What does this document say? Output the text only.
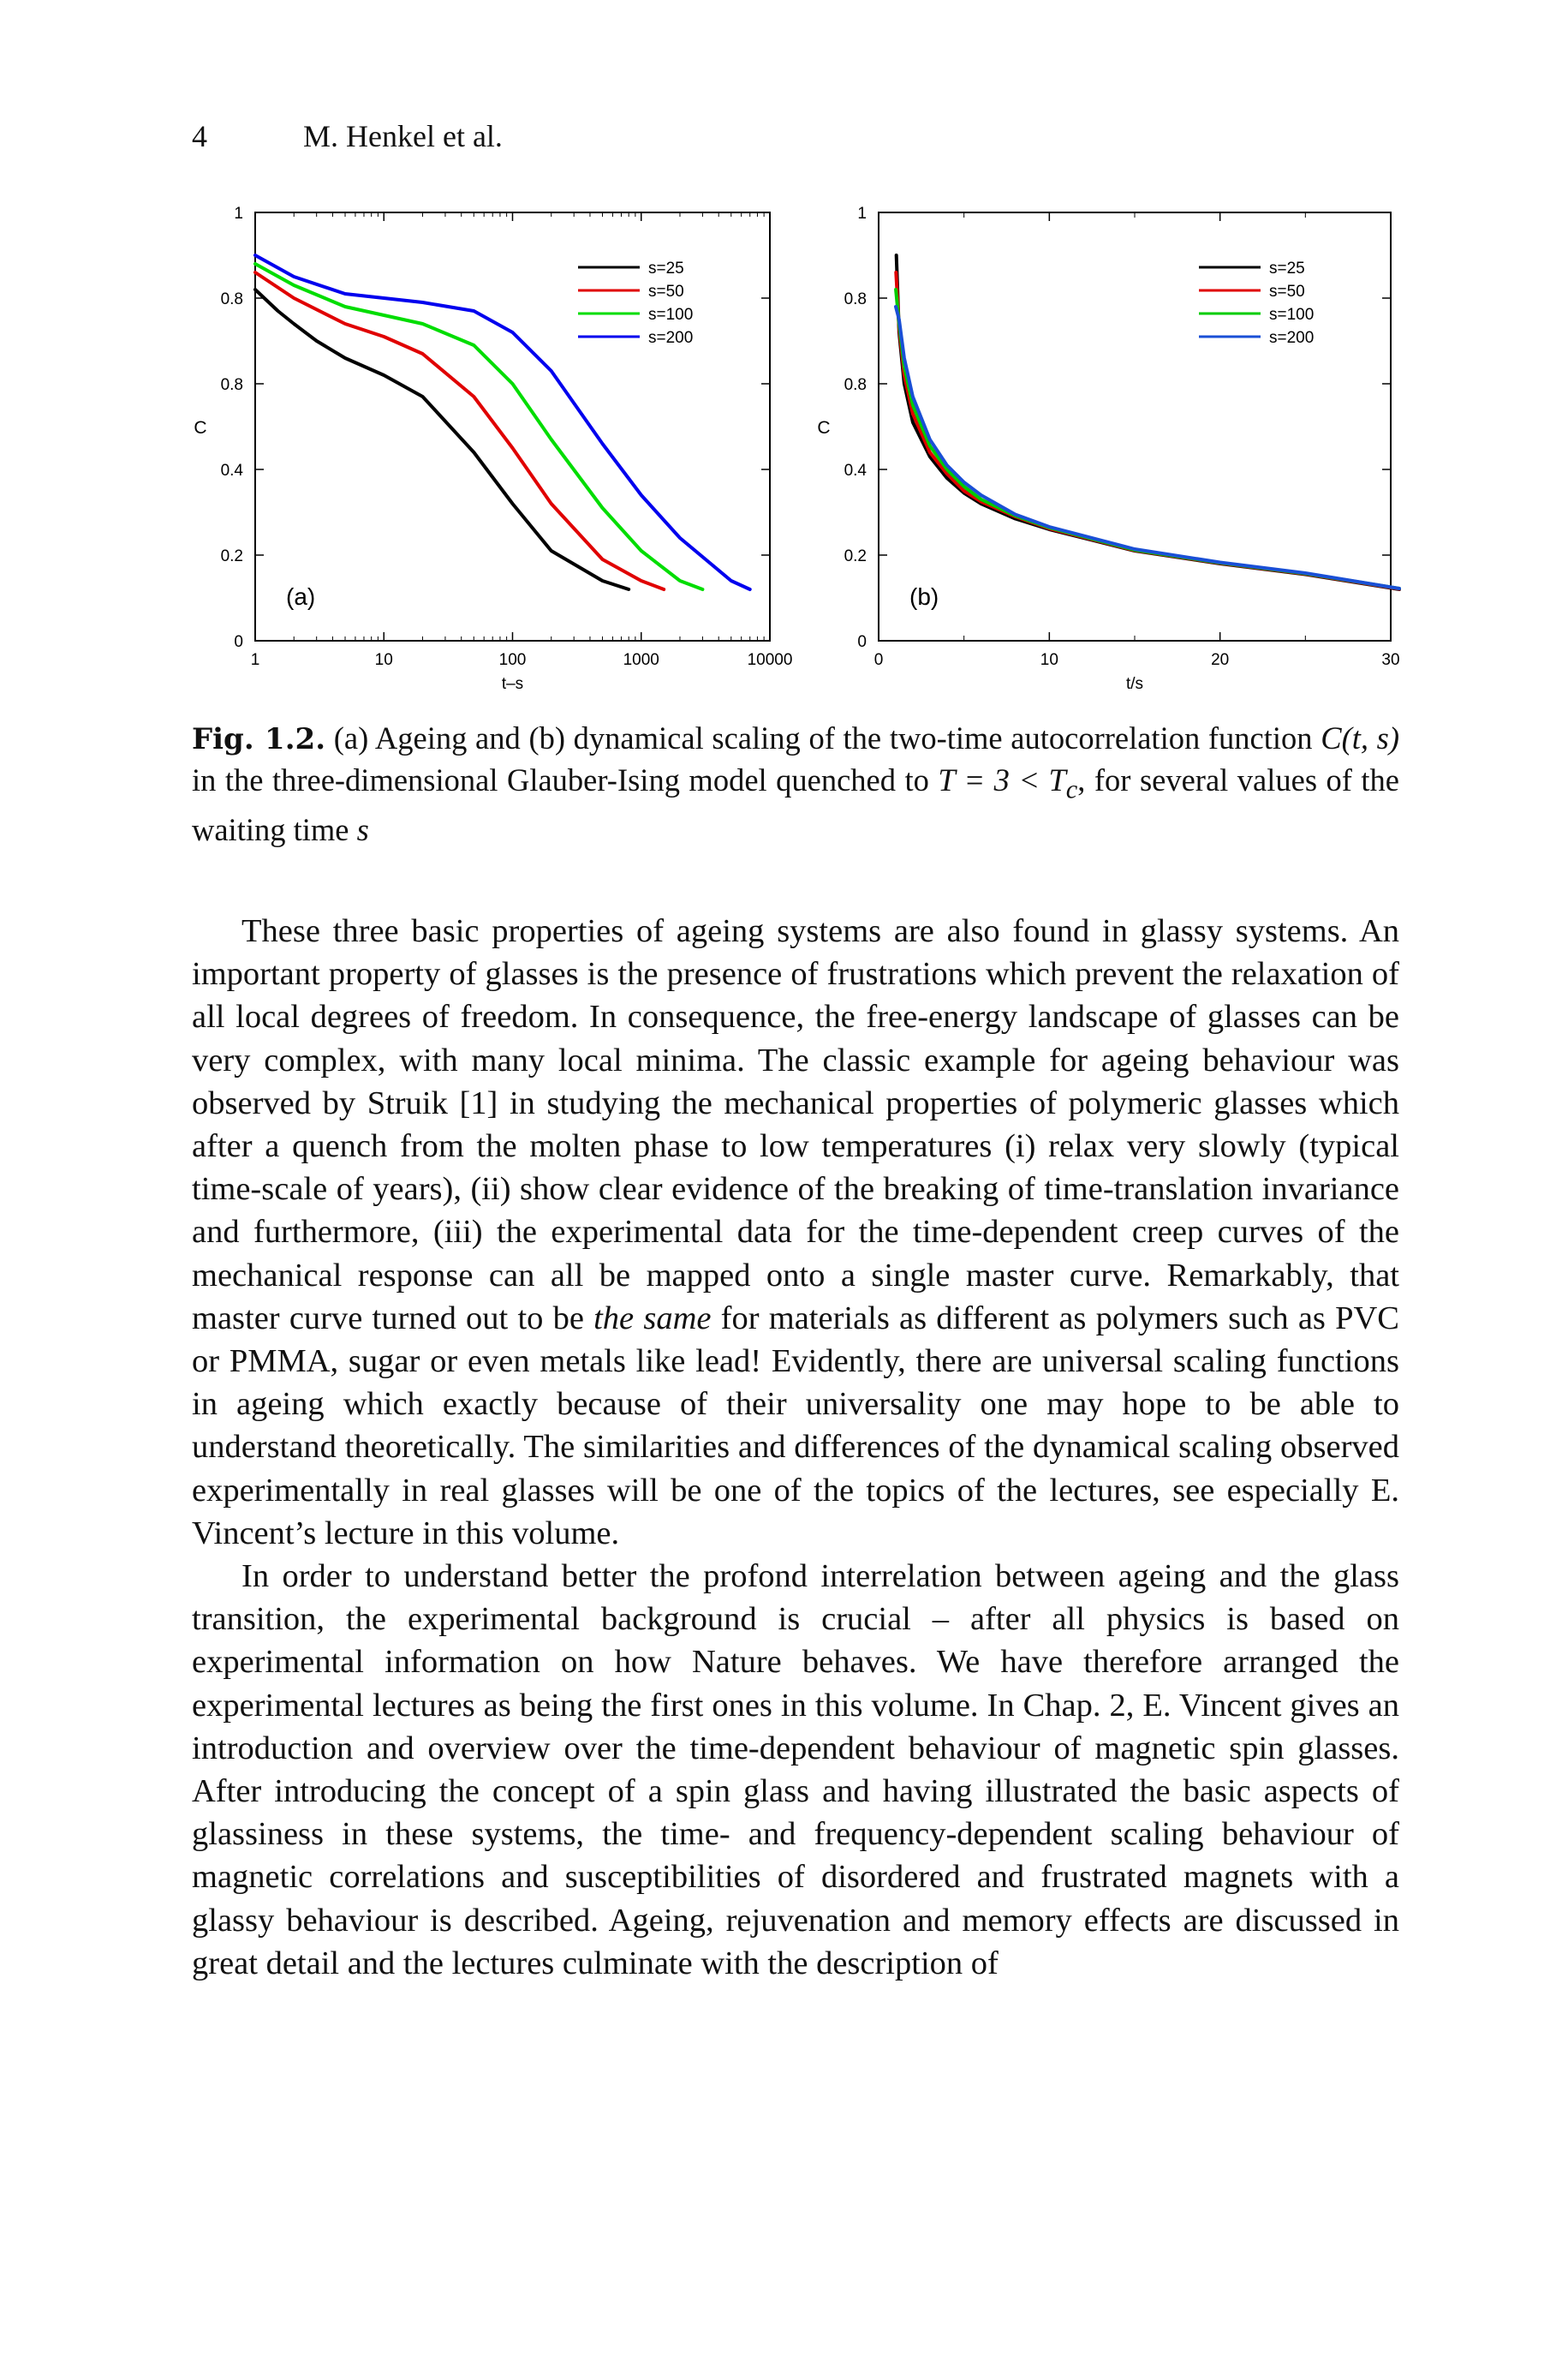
4	M. Henkel et al.
0
0.2
0.4
0.8
0.8
1
1	10	100	1000	10000
t–s
C
s=25
s=50
s=100
s=200
(a)
0
0.2
0.4
0.8
0.8
1
0	10	20	30
t/s
C
s=25
s=50
s=100
s=200
(b)
Fig. 1.2. (a) Ageing and (b) dynamical scaling of the two-time autocorrelation function C(t, s) in the three-dimensional Glauber-Ising model quenched to $T = 3 < T_c$, for several values of the waiting time s

These three basic properties of ageing systems are also found in glassy systems. An important property of glasses is the presence of frustrations which prevent the relaxation of all local degrees of freedom. In consequence, the free-energy landscape of glasses can be very complex, with many local minima. The classic example for ageing behaviour was observed by Struik [1] in studying the mechanical properties of polymeric glasses which after a quench from the molten phase to low temperatures (i) relax very slowly (typical time-scale of years), (ii) show clear evidence of the breaking of time-translation invariance and furthermore, (iii) the experimental data for the time-dependent creep curves of the mechanical response can all be mapped onto a single master curve. Remarkably, that master curve turned out to be the same for materials as different as polymers such as PVC or PMMA, sugar or even metals like lead! Evidently, there are universal scaling functions in ageing which exactly because of their universality one may hope to be able to understand theoretically. The similarities and differences of the dynamical scaling observed experimentally in real glasses will be one of the topics of the lectures, see especially E. Vincent’s lecture in this volume.

In order to understand better the profond interrelation between ageing and the glass transition, the experimental background is crucial – after all physics is based on experimental information on how Nature behaves. We have therefore arranged the experimental lectures as being the first ones in this volume. In Chap. 2, E. Vincent gives an introduction and overview over the time-dependent behaviour of magnetic spin glasses. After introducing the concept of a spin glass and having illustrated the basic aspects of glassiness in these systems, the time- and frequency-dependent scaling behaviour of magnetic correlations and susceptibilities of disordered and frustrated magnets with a glassy behaviour is described. Ageing, rejuvenation and memory effects are discussed in great detail and the lectures culminate with the description of
